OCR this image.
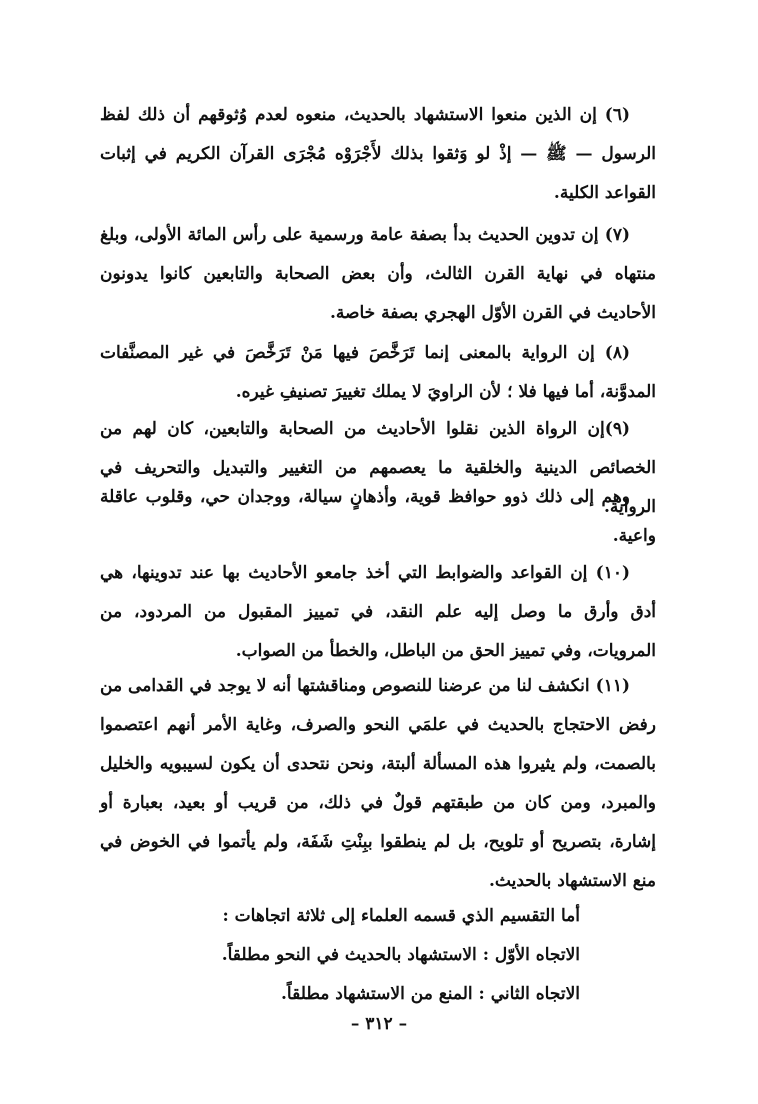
(٦) إن الذين منعوا الاستشهاد بالحديث، منعوه لعدم وُثوقهم أن ذلك لفظ الرسول — ﷺ — إذْ لو وَثقوا بذلك لأَجْرَوْه مُجْرَى القرآن الكريم في إثبات القواعد الكلية.

(٧) إن تدوين الحديث بدأ بصفة عامة ورسمية على رأس المائة الأولى، وبلغ منتهاه في نهاية القرن الثالث، وأن بعض الصحابة والتابعين كانوا يدونون الأحاديث في القرن الأوّل الهجري بصفة خاصة.

(٨) إن الرواية بالمعنى إنما تَرَخَّصَ فيها مَنْ تَرَخَّصَ في غير المصنَّفات المدوَّنة، أما فيها فلا ؛ لأن الراويَ لا يملك تغييرَ تصنيفِ غيره.

(٩)إن الرواة الذين نقلوا الأحاديث من الصحابة والتابعين، كان لهم من الخصائص الدينية والخلقية ما يعصمهم من التغيير والتبديل والتحريف في الرواية.

وهم إلى ذلك ذوو حوافظ قوية، وأذهانٍ سيالة، ووجدان حي، وقلوب عاقلة واعية.

(١٠) إن القواعد والضوابط التي أخذ جامعو الأحاديث بها عند تدوينها، هي أدق وأرق ما وصل إليه علم النقد، في تمييز المقبول من المردود، من المرويات، وفي تمييز الحق من الباطل، والخطأ من الصواب.

(١١) انكشف لنا من عرضنا للنصوص ومناقشتها أنه لا يوجد في القدامى من رفض الاحتجاج بالحديث في علمَي النحو والصرف، وغاية الأمر أنهم اعتصموا بالصمت، ولم يثيروا هذه المسألة ألبتة، ونحن نتحدى أن يكون لسيبويه والخليل والمبرد، ومن كان من طبقتهم قولٌ في ذلك، من قريب أو بعيد، بعبارة أو إشارة، بتصريح أو تلويح، بل لم ينطقوا ببِنْتِ شَفَة، ولم يأتموا في الخوض في منع الاستشهاد بالحديث.

أما التقسيم الذي قسمه العلماء إلى ثلاثة اتجاهات :
الاتجاه الأوّل : الاستشهاد بالحديث في النحو مطلقاً.
الاتجاه الثاني : المنع من الاستشهاد مطلقاً.
– ٣١٢ –
